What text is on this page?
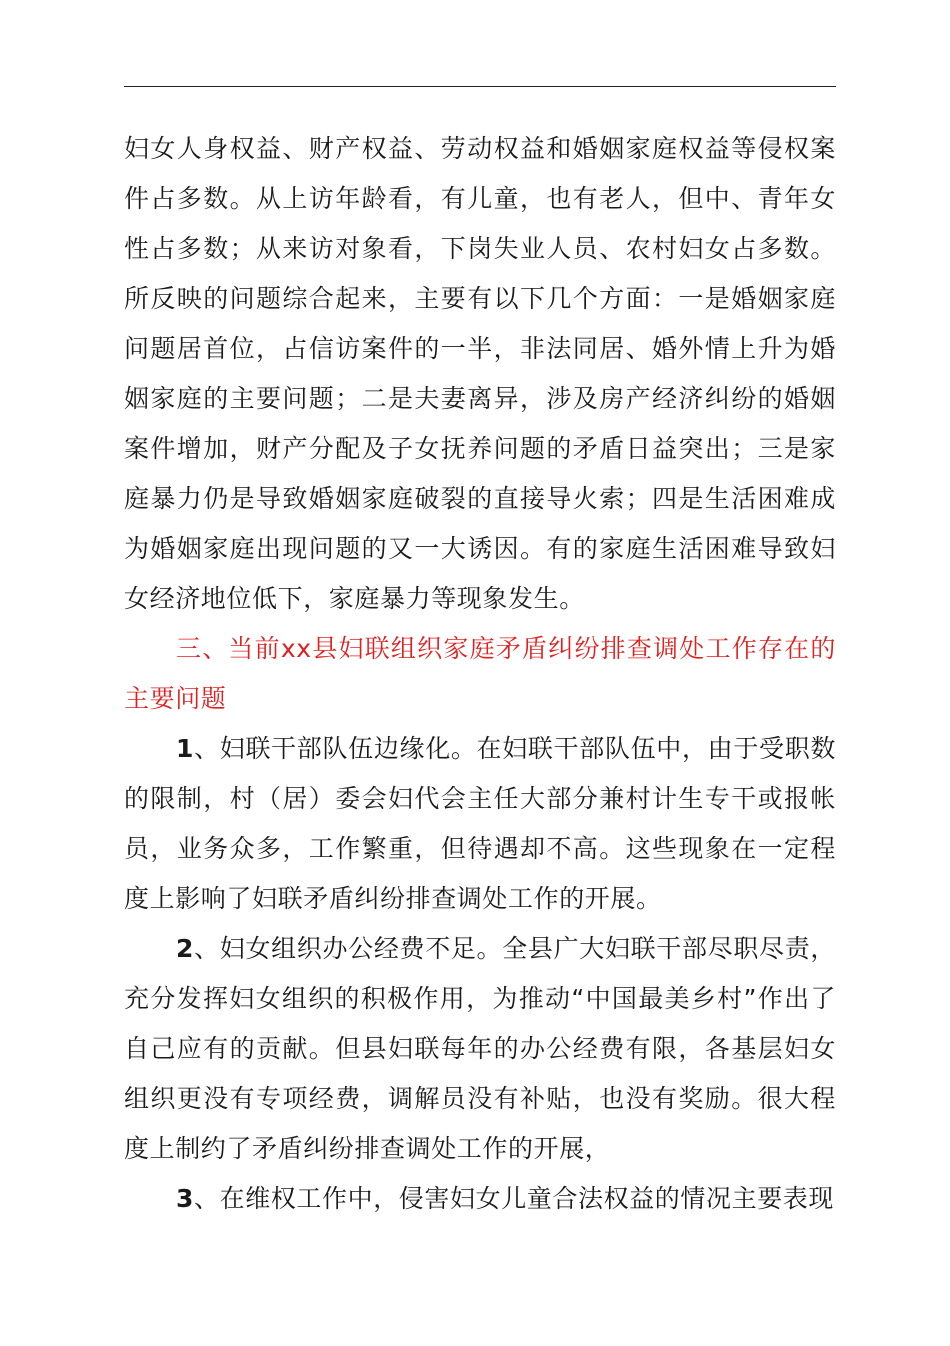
妇女人身权益、财产权益、劳动权益和婚姻家庭权益等侵权案件占多数。从上访年龄看，有儿童，也有老人，但中、青年女性占多数；从来访对象看，下岗失业人员、农村妇女占多数。所反映的问题综合起来，主要有以下几个方面：一是婚姻家庭问题居首位，占信访案件的一半，非法同居、婚外情上升为婚姻家庭的主要问题；二是夫妻离异，涉及房产经济纠纷的婚姻案件增加，财产分配及子女抚养问题的矛盾日益突出；三是家庭暴力仍是导致婚姻家庭破裂的直接导火索；四是生活困难成为婚姻家庭出现问题的又一大诱因。有的家庭生活困难导致妇女经济地位低下，家庭暴力等现象发生。

三、当前xx县妇联组织家庭矛盾纠纷排查调处工作存在的主要问题

1、妇联干部队伍边缘化。在妇联干部队伍中，由于受职数的限制，村（居）委会妇代会主任大部分兼村计生专干或报帐员，业务众多，工作繁重，但待遇却不高。这些现象在一定程度上影响了妇联矛盾纠纷排查调处工作的开展。

2、妇女组织办公经费不足。全县广大妇联干部尽职尽责，充分发挥妇女组织的积极作用，为推动“中国最美乡村”作出了自己应有的贡献。但县妇联每年的办公经费有限，各基层妇女组织更没有专项经费，调解员没有补贴，也没有奖励。很大程度上制约了矛盾纠纷排查调处工作的开展，

3、在维权工作中，侵害妇女儿童合法权益的情况主要表现
